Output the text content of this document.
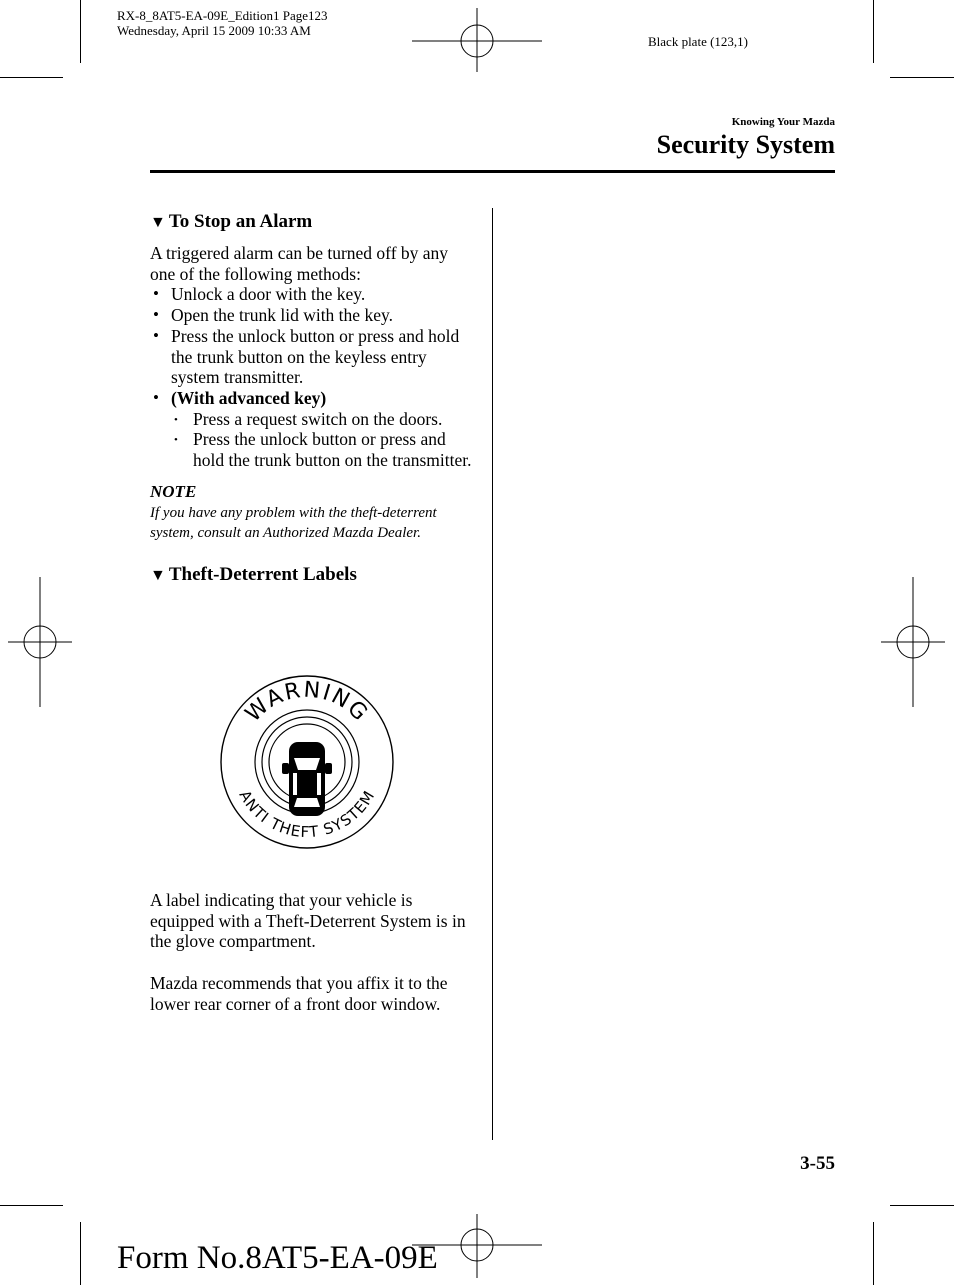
RX-8_8AT5-EA-09E_Edition1 Page123
Wednesday, April 15 2009 10:33 AM
Black plate (123,1)
Knowing Your Mazda
Security System
▼ To Stop an Alarm

A triggered alarm can be turned off by any one of the following methods:

• Unlock a door with the key.
• Open the trunk lid with the key.
• Press the unlock button or press and hold the trunk button on the keyless entry system transmitter.
• (With advanced key)
• Press a request switch on the doors.
• Press the unlock button or press and hold the trunk button on the transmitter.
NOTE
If you have any problem with the theft-deterrent system, consult an Authorized Mazda Dealer.
▼ Theft-Deterrent Labels
WARNING
ANTI THEFT SYSTEM

A label indicating that your vehicle is equipped with a Theft-Deterrent System is in the glove compartment.

Mazda recommends that you affix it to the lower rear corner of a front door window.

3-55
Form No.8AT5-EA-09E
